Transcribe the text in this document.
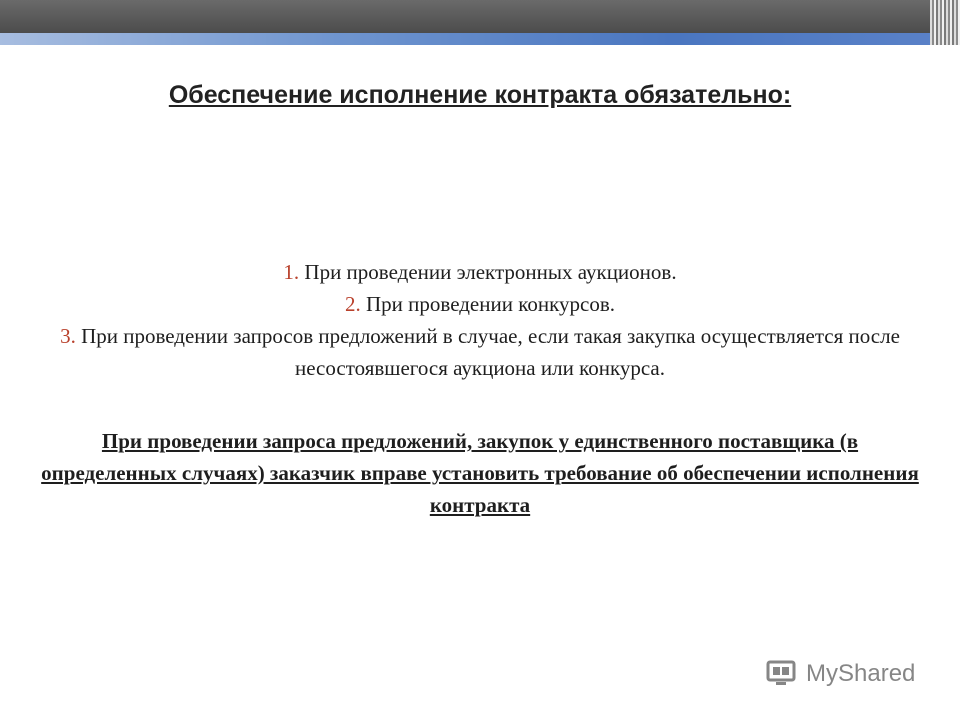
Обеспечение исполнение контракта обязательно:
1. При проведении электронных аукционов.
2. При проведении конкурсов.
3. При проведении запросов предложений в случае, если такая закупка осуществляется после несостоявшегося аукциона или конкурса.
При проведении запроса предложений, закупок у единственного поставщика (в определенных случаях) заказчик вправе установить требование об обеспечении исполнения контракта
MyShared
